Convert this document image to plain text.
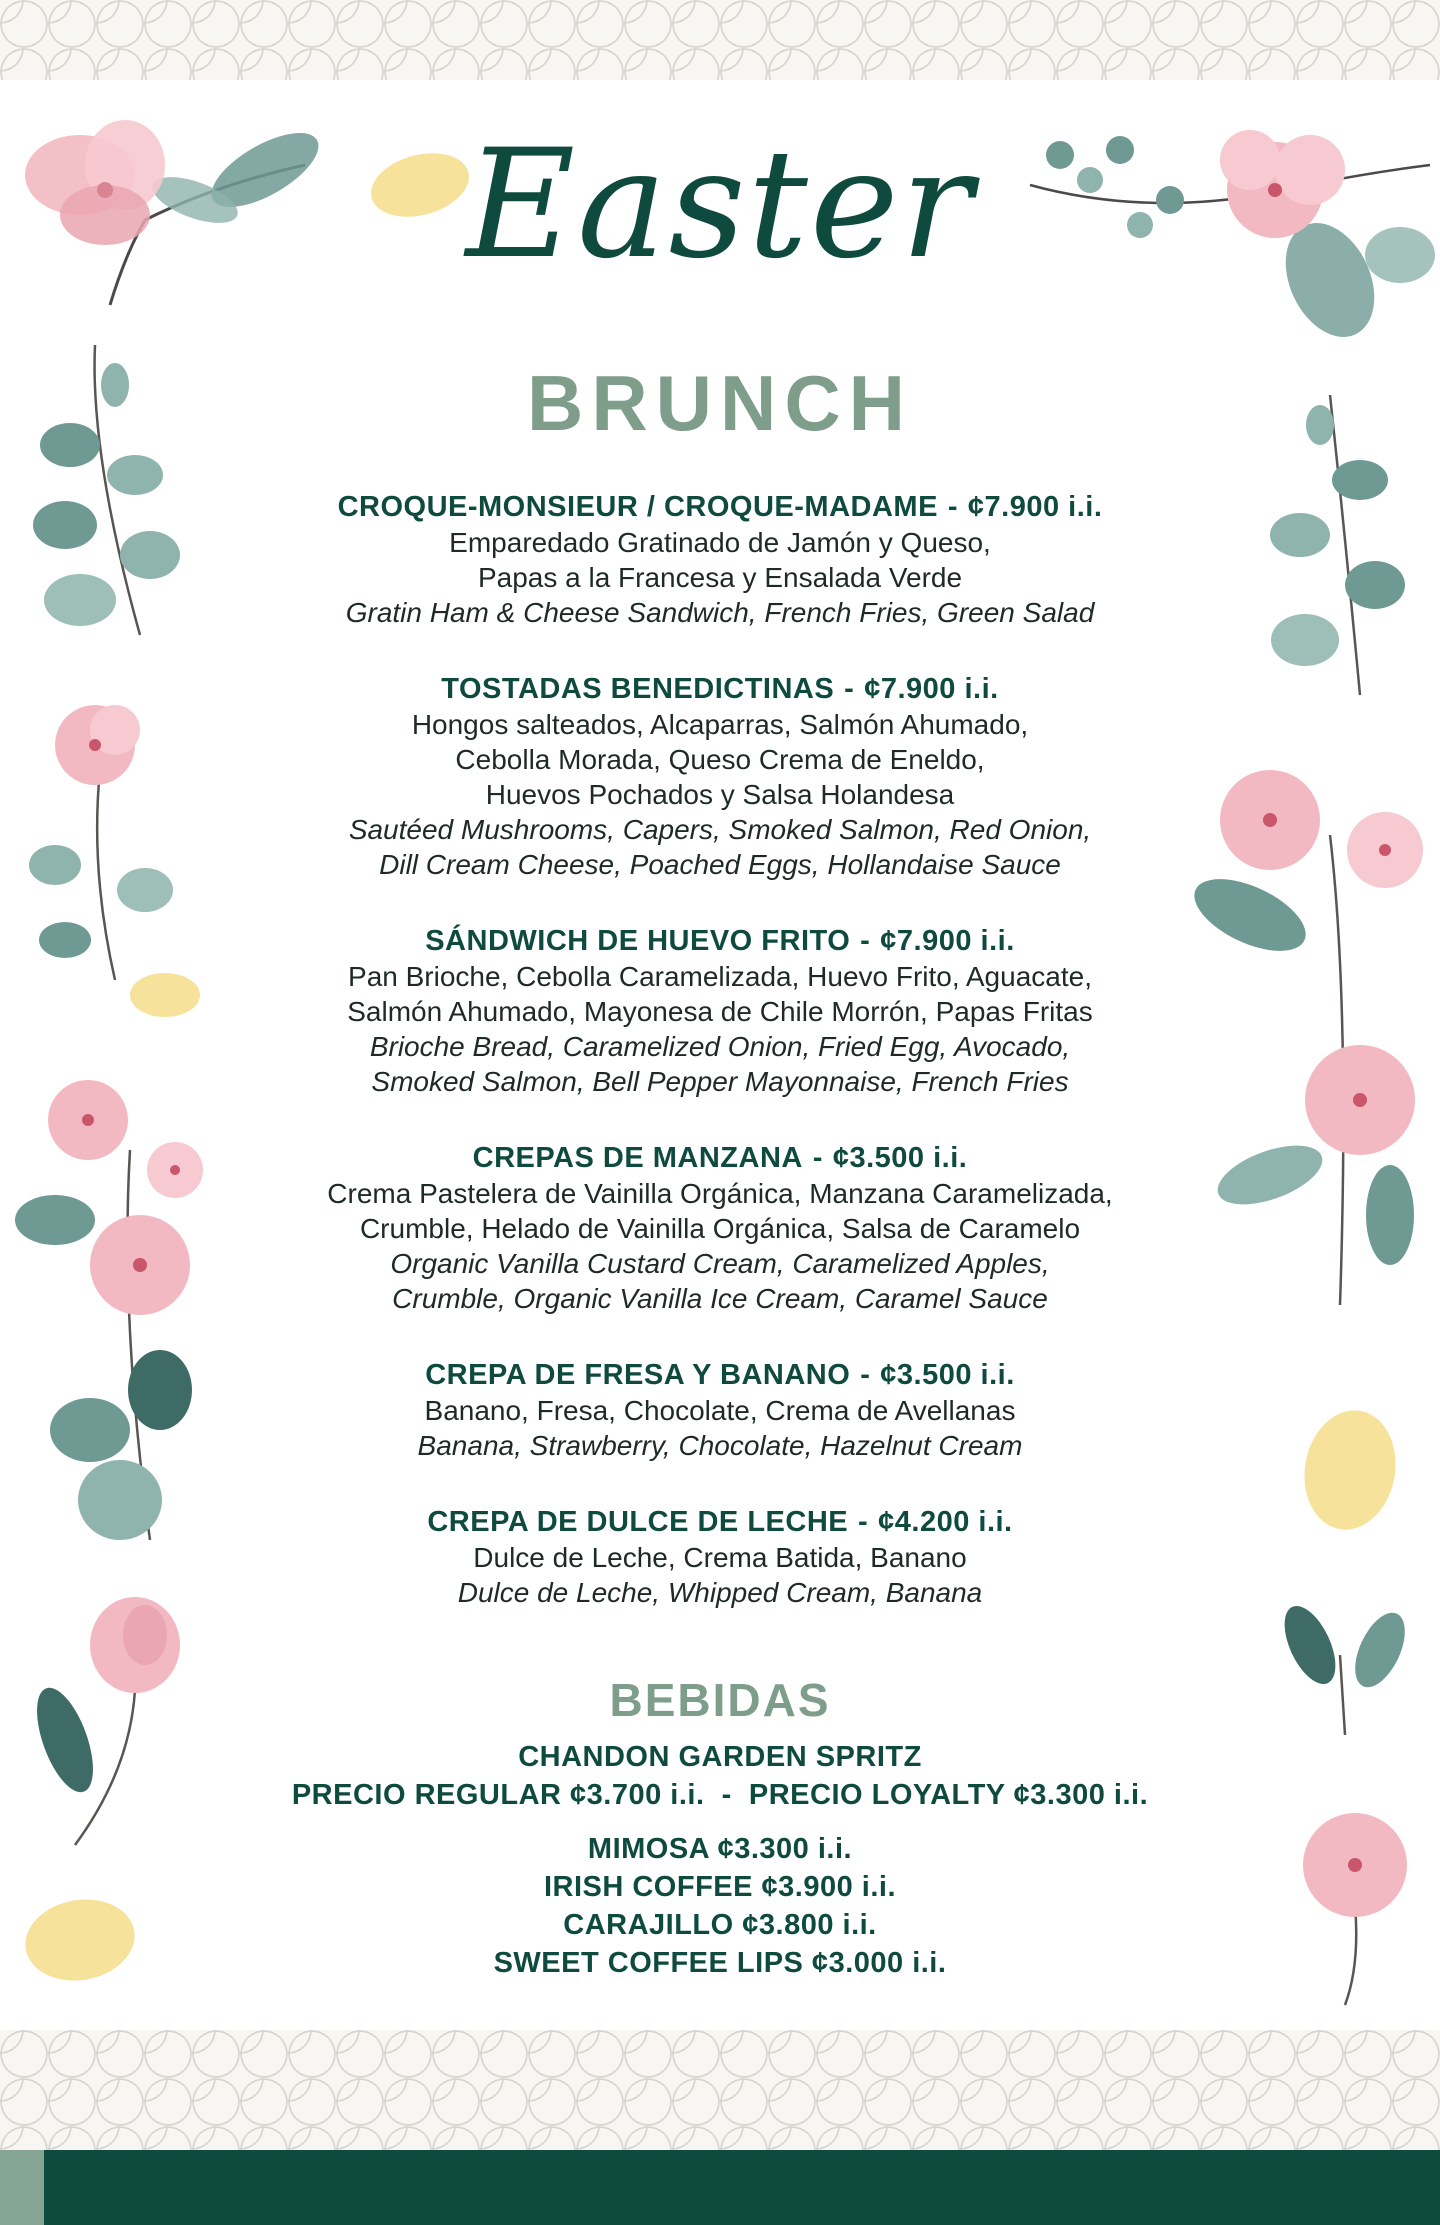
Easter
BRUNCH
CROQUE-MONSIEUR / CROQUE-MADAME - ¢7.900 i.i.
Emparedado Gratinado de Jamón y Queso,
Papas a la Francesa y Ensalada Verde
Gratin Ham & Cheese Sandwich, French Fries, Green Salad
TOSTADAS BENEDICTINAS - ¢7.900 i.i.
Hongos salteados, Alcaparras, Salmón Ahumado,
Cebolla Morada, Queso Crema de Eneldo,
Huevos Pochados y Salsa Holandesa
Sautéed Mushrooms, Capers, Smoked Salmon, Red Onion,
Dill Cream Cheese, Poached Eggs, Hollandaise Sauce
SÁNDWICH DE HUEVO FRITO - ¢7.900 i.i.
Pan Brioche, Cebolla Caramelizada, Huevo Frito, Aguacate,
Salmón Ahumado, Mayonesa de Chile Morrón, Papas Fritas
Brioche Bread, Caramelized Onion, Fried Egg, Avocado,
Smoked Salmon, Bell Pepper Mayonnaise, French Fries
CREPAS DE MANZANA - ¢3.500 i.i.
Crema Pastelera de Vainilla Orgánica, Manzana Caramelizada,
Crumble, Helado de Vainilla Orgánica, Salsa de Caramelo
Organic Vanilla Custard Cream, Caramelized Apples,
Crumble, Organic Vanilla Ice Cream, Caramel Sauce
CREPA DE FRESA Y BANANO - ¢3.500 i.i.
Banano, Fresa, Chocolate, Crema de Avellanas
Banana, Strawberry, Chocolate, Hazelnut Cream
CREPA DE DULCE DE LECHE - ¢4.200 i.i.
Dulce de Leche, Crema Batida, Banano
Dulce de Leche, Whipped Cream, Banana
BEBIDAS
CHANDON GARDEN SPRITZ
PRECIO REGULAR ¢3.700 i.i.  -  PRECIO LOYALTY ¢3.300 i.i.
MIMOSA ¢3.300 i.i.
IRISH COFFEE ¢3.900 i.i.
CARAJILLO ¢3.800 i.i.
SWEET COFFEE LIPS ¢3.000 i.i.
